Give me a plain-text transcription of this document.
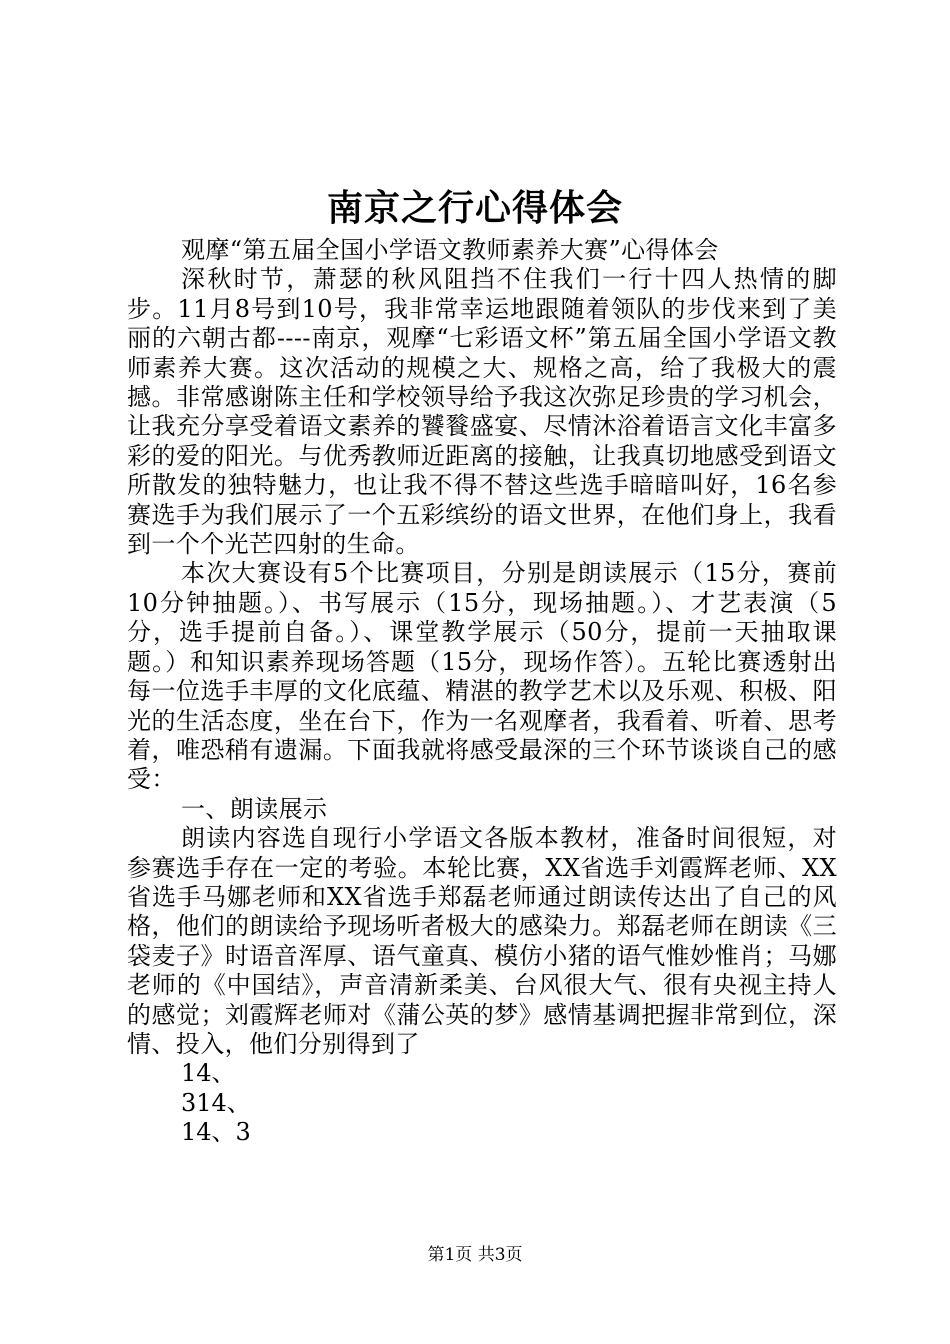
南京之行心得体会

观摩“第五届全国小学语文教师素养大赛”心得体会

深秋时节，萧瑟的秋风阻挡不住我们一行十四人热情的脚步。11月8号到10号，我非常幸运地跟随着领队的步伐来到了美丽的六朝古都----南京，观摩“七彩语文杯”第五届全国小学语文教师素养大赛。这次活动的规模之大、规格之高，给了我极大的震撼。非常感谢陈主任和学校领导给予我这次弥足珍贵的学习机会，让我充分享受着语文素养的饕餮盛宴、尽情沐浴着语言文化丰富多彩的爱的阳光。与优秀教师近距离的接触，让我真切地感受到语文所散发的独特魅力，也让我不得不替这些选手暗暗叫好，16名参赛选手为我们展示了一个五彩缤纷的语文世界，在他们身上，我看到一个个光芒四射的生命。

本次大赛设有5个比赛项目，分别是朗读展示（15分，赛前10分钟抽题。）、书写展示（15分，现场抽题。）、才艺表演（5分，选手提前自备。）、课堂教学展示（50分，提前一天抽取课题。）和知识素养现场答题（15分，现场作答）。五轮比赛透射出每一位选手丰厚的文化底蕴、精湛的教学艺术以及乐观、积极、阳光的生活态度，坐在台下，作为一名观摩者，我看着、听着、思考着，唯恐稍有遗漏。下面我就将感受最深的三个环节谈谈自己的感受：

一、朗读展示

朗读内容选自现行小学语文各版本教材，准备时间很短，对参赛选手存在一定的考验。本轮比赛，XX省选手刘霞辉老师、XX省选手马娜老师和XX省选手郑磊老师通过朗读传达出了自己的风格，他们的朗读给予现场听者极大的感染力。郑磊老师在朗读《三袋麦子》时语音浑厚、语气童真、模仿小猪的语气惟妙惟肖；马娜老师的《中国结》，声音清新柔美、台风很大气、很有央视主持人的感觉；刘霞辉老师对《蒲公英的梦》感情基调把握非常到位，深情、投入，他们分别得到了

14、

314、

14、3

第1页 共3页
